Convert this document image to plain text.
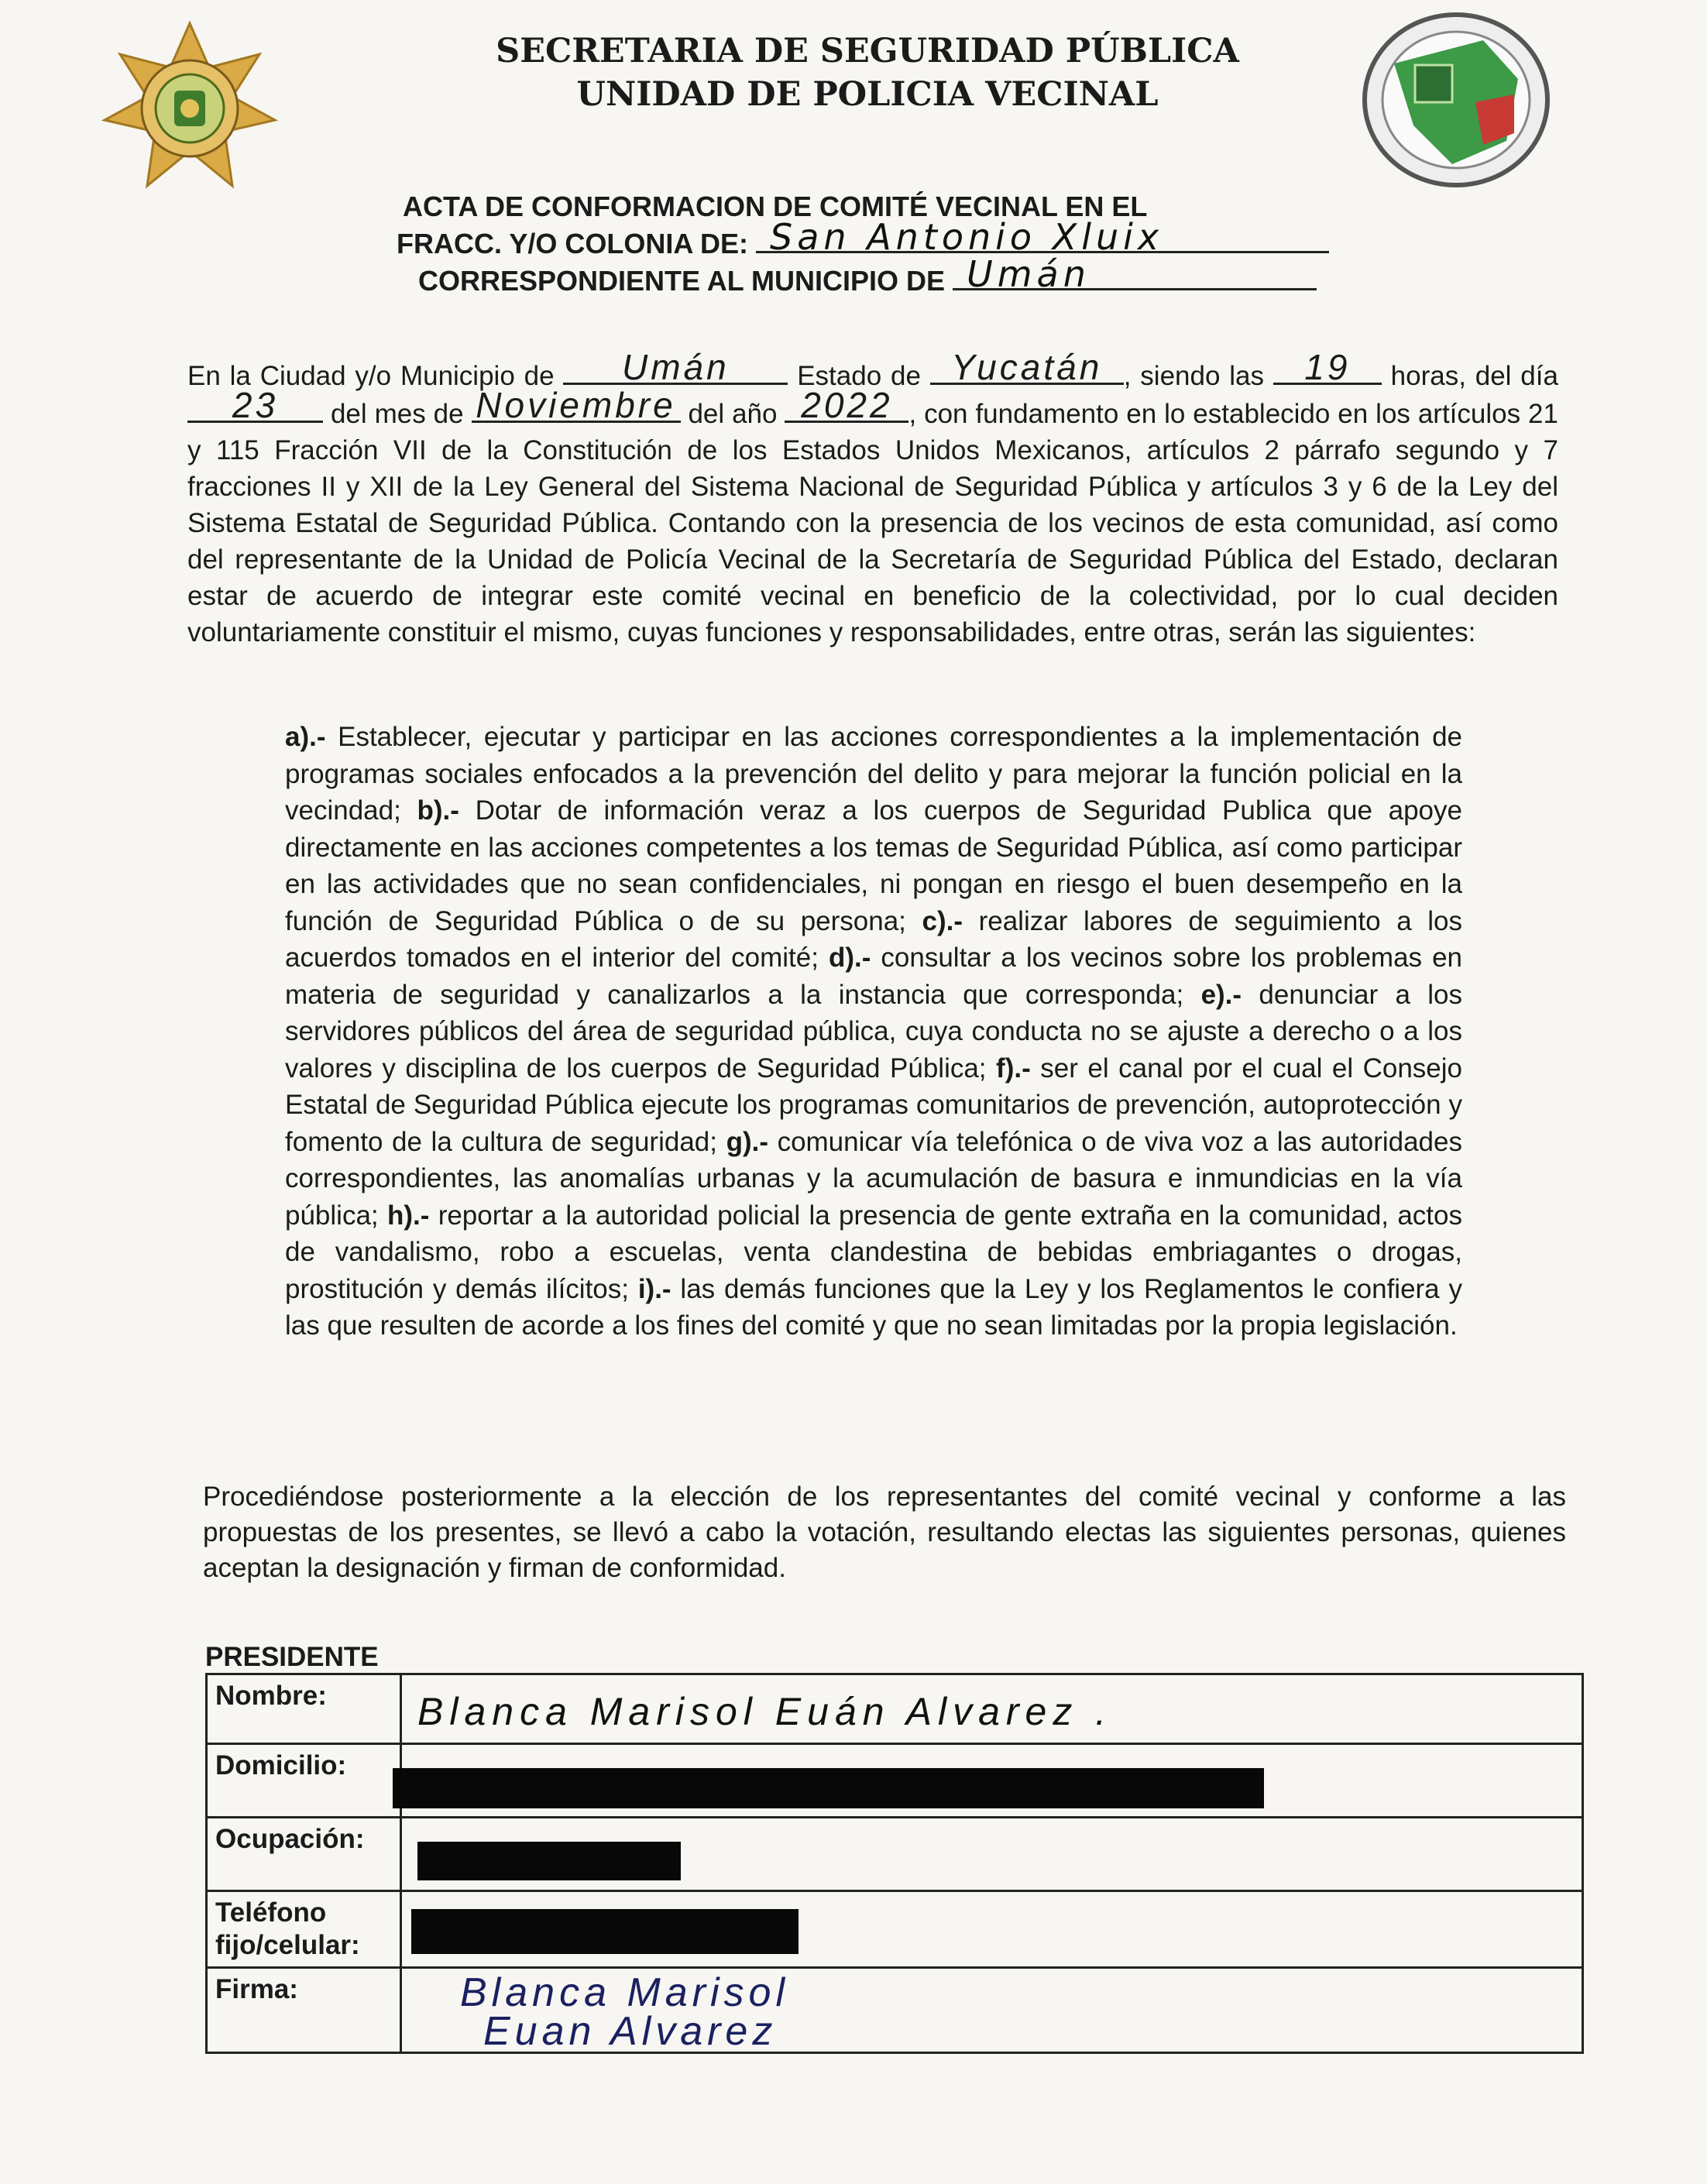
SECRETARIA DE SEGURIDAD PÚBLICA
UNIDAD DE POLICIA VECINAL
ACTA DE CONFORMACION DE COMITÉ VECINAL EN EL
FRACC. Y/O COLONIA DE: San Antonio Xluix
CORRESPONDIENTE AL MUNICIPIO DE Umán
En la Ciudad y/o Municipio de	Umán	Estado de Yucatán , siendo las	19	horas, del día
23	del mes de Noviembre del año 2022 , con fundamento en lo establecido en los artículos 21 y 115 Fracción VII de la Constitución de los Estados Unidos Mexicanos, artículos 2 párrafo segundo y 7 fracciones II y XII de la Ley General del Sistema Nacional de Seguridad Pública y artículos 3 y 6 de la Ley del Sistema Estatal de Seguridad Pública. Contando con la presencia de los vecinos de esta comunidad, así como del representante de la Unidad de Policía Vecinal de la Secretaría de Seguridad Pública del Estado, declaran estar de acuerdo de integrar este comité vecinal en beneficio de la colectividad, por lo cual deciden voluntariamente constituir el mismo, cuyas funciones y responsabilidades, entre otras, serán las siguientes:
a).- Establecer, ejecutar y participar en las acciones correspondientes a la implementación de programas sociales enfocados a la prevención del delito y para mejorar la función policial en la vecindad; b).- Dotar de información veraz a los cuerpos de Seguridad Publica que apoye directamente en las acciones competentes a los temas de Seguridad Pública, así como participar en las actividades que no sean confidenciales, ni pongan en riesgo el buen desempeño en la función de Seguridad Pública o de su persona; c).- realizar labores de seguimiento a los acuerdos tomados en el interior del comité; d).- consultar a los vecinos sobre los problemas en materia de seguridad y canalizarlos a la instancia que corresponda; e).- denunciar a los servidores públicos del área de seguridad pública, cuya conducta no se ajuste a derecho o a los valores y disciplina de los cuerpos de Seguridad Pública; f).- ser el canal por el cual el Consejo Estatal de Seguridad Pública ejecute los programas comunitarios de prevención, autoprotección y fomento de la cultura de seguridad; g).- comunicar vía telefónica o de viva voz a las autoridades correspondientes, las anomalías urbanas y la acumulación de basura e inmundicias en la vía pública; h).- reportar a la autoridad policial la presencia de gente extraña en la comunidad, actos de vandalismo, robo a escuelas, venta clandestina de bebidas embriagantes o drogas, prostitución y demás ilícitos; i).- las demás funciones que la Ley y los Reglamentos le confiera y las que resulten de acorde a los fines del comité y que no sean limitadas por la propia legislación.
Procediéndose posteriormente a la elección de los representantes del comité vecinal y conforme a las propuestas de los presentes, se llevó a cabo la votación, resultando electas las siguientes personas, quienes aceptan la designación y firman de conformidad.
PRESIDENTE
Nombre:	Blanca Marisol Euán Alvarez .

Domicilio:	

Ocupación:	

Teléfono
fijo/celular:	

Firma:	Blanca Marisol
Euan Alvarez
